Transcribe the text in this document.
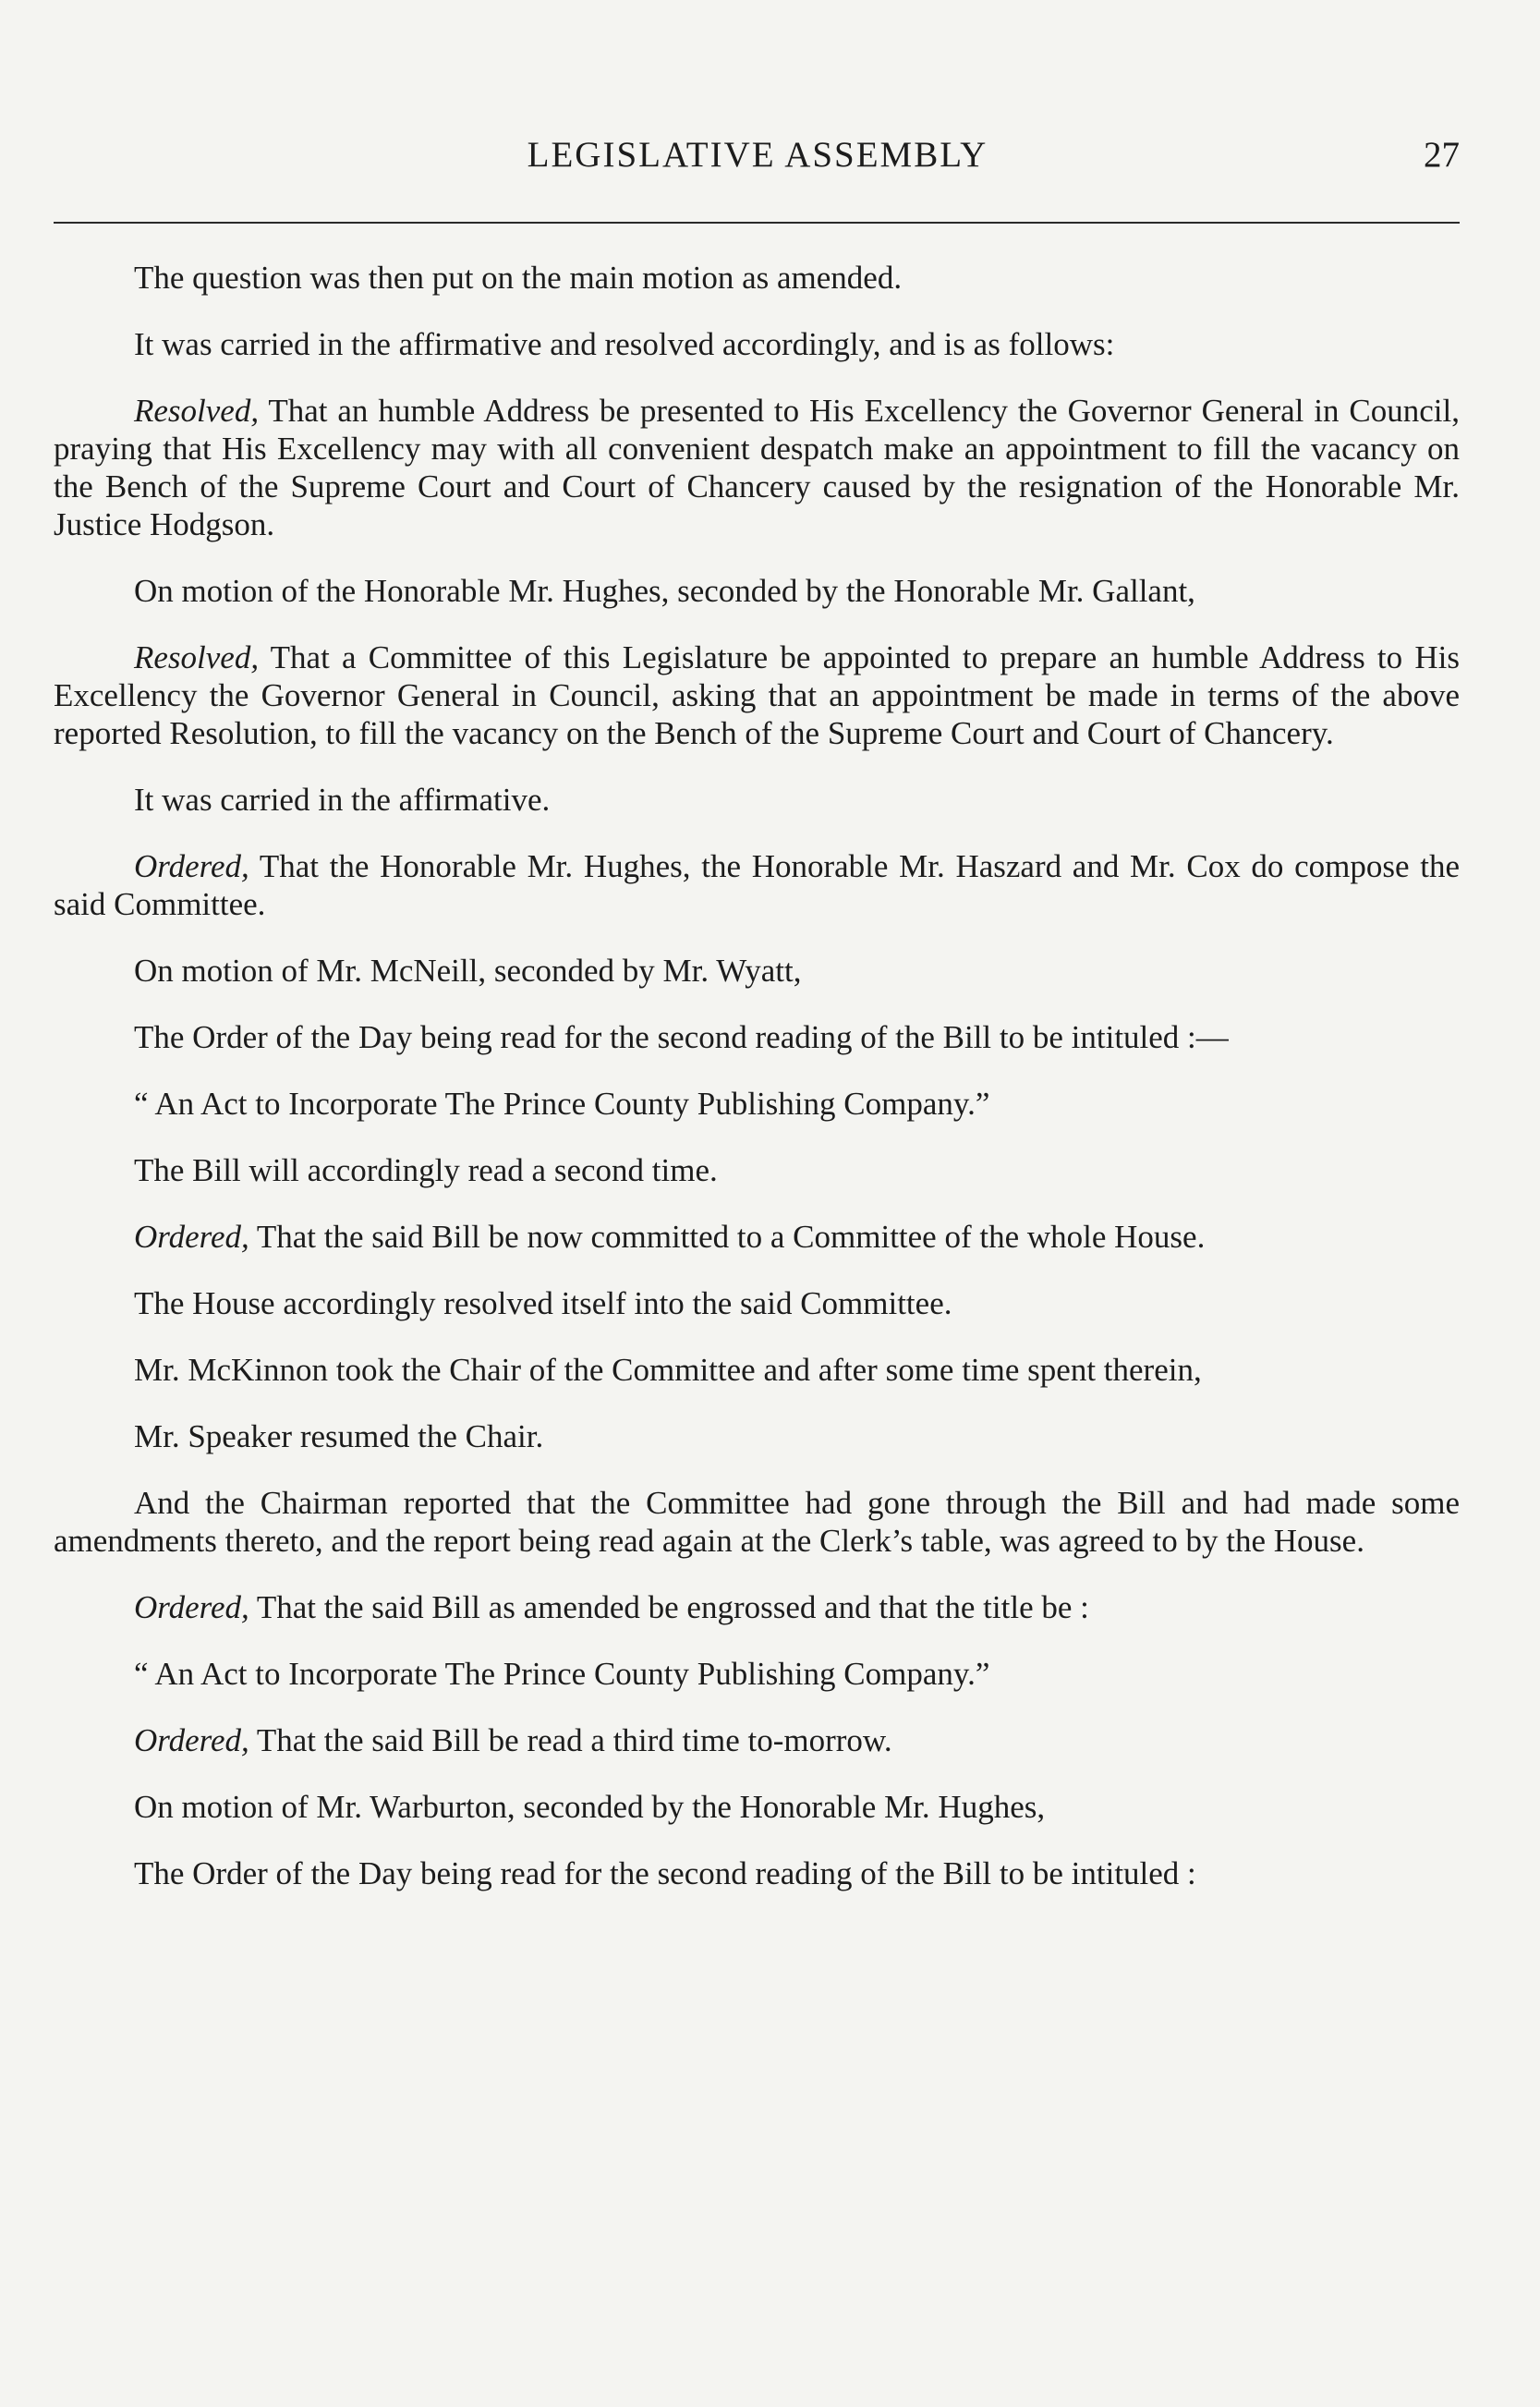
LEGISLATIVE ASSEMBLY	27

The question was then put on the main motion as amended.

It was carried in the affirmative and resolved accordingly, and is as follows:

Resolved, That an humble Address be presented to His Excellency the Governor General in Council, praying that His Excellency may with all convenient despatch make an appointment to fill the vacancy on the Bench of the Supreme Court and Court of Chancery caused by the resignation of the Honorable Mr. Justice Hodgson.

On motion of the Honorable Mr. Hughes, seconded by the Honorable Mr. Gallant,

Resolved, That a Committee of this Legislature be appointed to prepare an humble Address to His Excellency the Governor General in Council, asking that an appointment be made in terms of the above reported Resolution, to fill the vacancy on the Bench of the Supreme Court and Court of Chancery.

It was carried in the affirmative.

Ordered, That the Honorable Mr. Hughes, the Honorable Mr. Haszard and Mr. Cox do compose the said Committee.

On motion of Mr. McNeill, seconded by Mr. Wyatt,

The Order of the Day being read for the second reading of the Bill to be intituled :—

“ An Act to Incorporate The Prince County Publishing Company.”

The Bill will accordingly read a second time.

Ordered, That the said Bill be now committed to a Committee of the whole House.

The House accordingly resolved itself into the said Committee.

Mr. McKinnon took the Chair of the Committee and after some time spent therein,

Mr. Speaker resumed the Chair.

And the Chairman reported that the Committee had gone through the Bill and had made some amendments thereto, and the report being read again at the Clerk’s table, was agreed to by the House.

Ordered, That the said Bill as amended be engrossed and that the title be :

“ An Act to Incorporate The Prince County Publishing Company.”

Ordered, That the said Bill be read a third time to-morrow.

On motion of Mr. Warburton, seconded by the Honorable Mr. Hughes,

The Order of the Day being read for the second reading of the Bill to be intituled :
